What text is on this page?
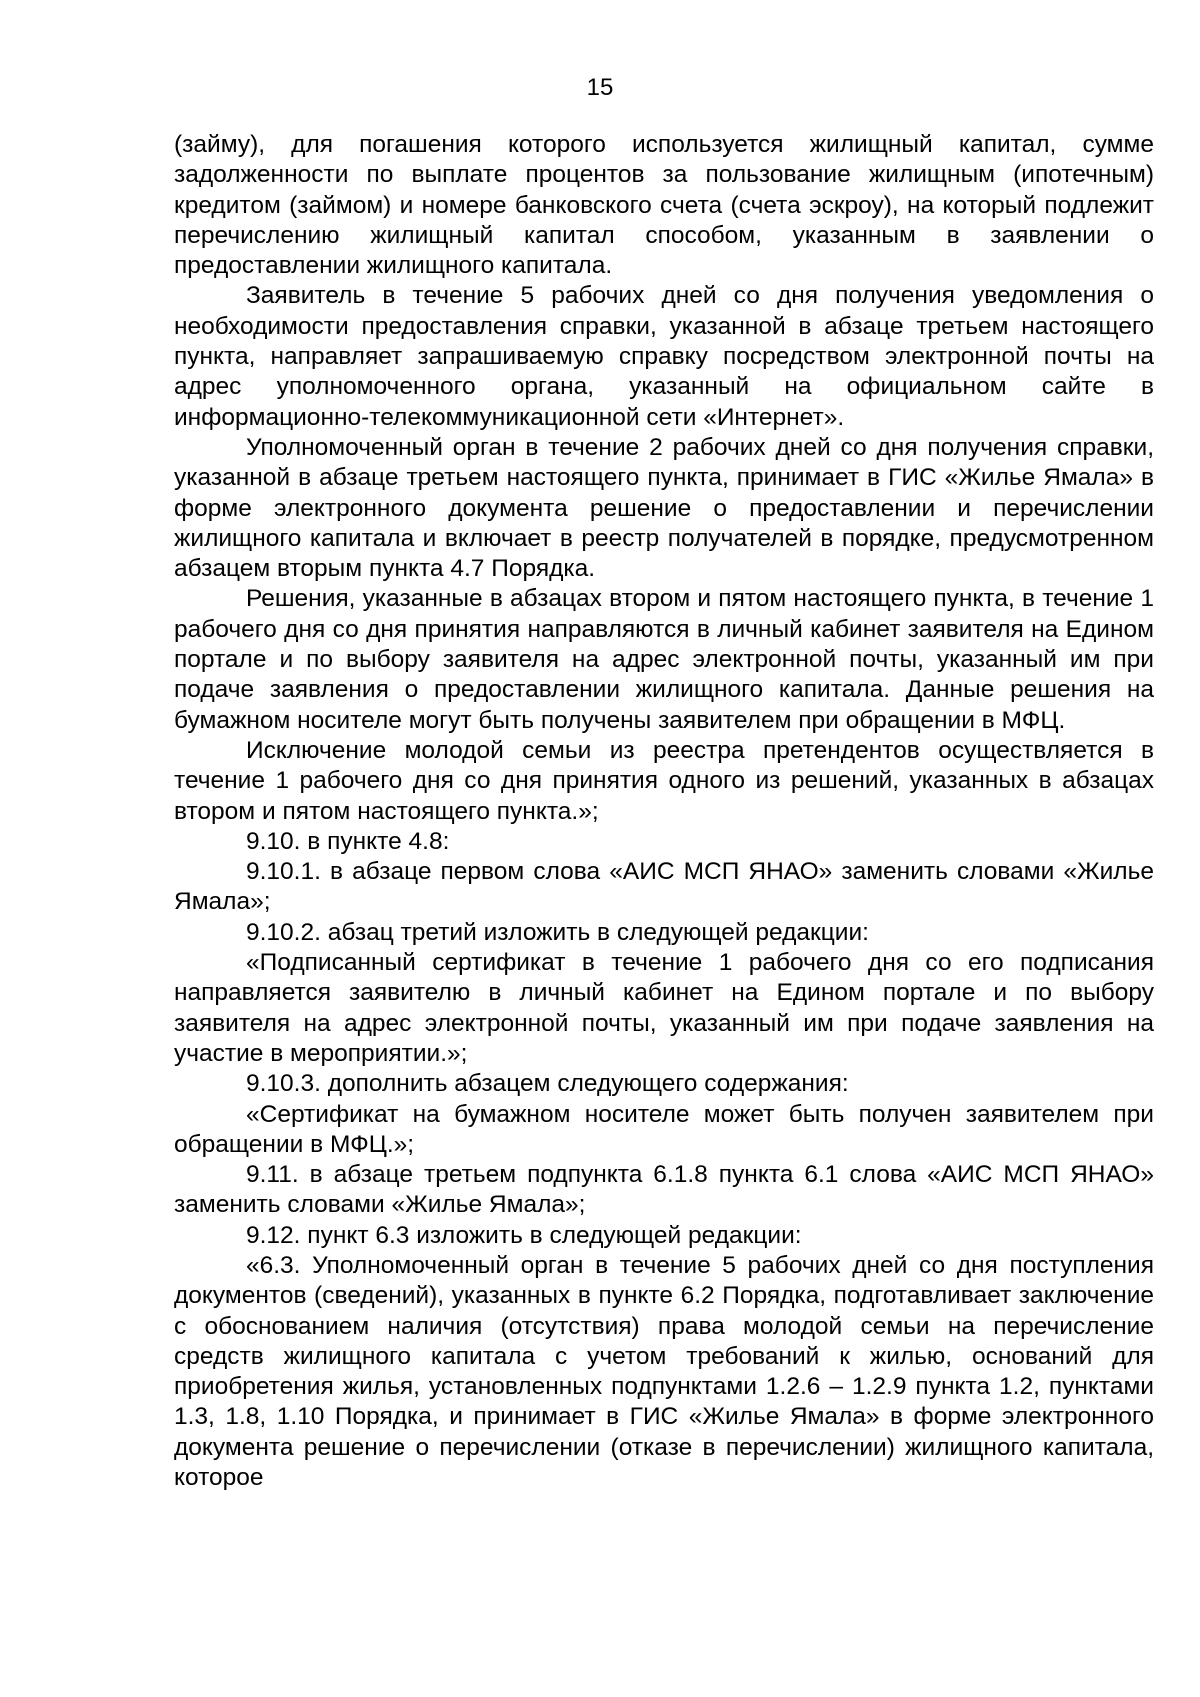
15

(займу), для погашения которого используется жилищный капитал, сумме задолженности по выплате процентов за пользование жилищным (ипотечным) кредитом (займом) и номере банковского счета (счета эскроу), на который подлежит перечислению жилищный капитал способом, указанным в заявлении о предоставлении жилищного капитала.

Заявитель в течение 5 рабочих дней со дня получения уведомления о необходимости предоставления справки, указанной в абзаце третьем настоящего пункта, направляет запрашиваемую справку посредством электронной почты на адрес уполномоченного органа, указанный на официальном сайте в информационно-телекоммуникационной сети «Интернет».

Уполномоченный орган в течение 2 рабочих дней со дня получения справки, указанной в абзаце третьем настоящего пункта, принимает в ГИС «Жилье Ямала» в форме электронного документа решение о предоставлении и перечислении жилищного капитала и включает в реестр получателей в порядке, предусмотренном абзацем вторым пункта 4.7 Порядка.

Решения, указанные в абзацах втором и пятом настоящего пункта, в течение 1 рабочего дня со дня принятия направляются в личный кабинет заявителя на Едином портале и по выбору заявителя на адрес электронной почты, указанный им при подаче заявления о предоставлении жилищного капитала. Данные решения на бумажном носителе могут быть получены заявителем при обращении в МФЦ.

Исключение молодой семьи из реестра претендентов осуществляется в течение 1 рабочего дня со дня принятия одного из решений, указанных в абзацах втором и пятом настоящего пункта.»;

9.10. в пункте 4.8:

9.10.1. в абзаце первом слова «АИС МСП ЯНАО» заменить словами «Жилье Ямала»;

9.10.2. абзац третий изложить в следующей редакции:

«Подписанный сертификат в течение 1 рабочего дня со его подписания направляется заявителю в личный кабинет на Едином портале и по выбору заявителя на адрес электронной почты, указанный им при подаче заявления на участие в мероприятии.»;

9.10.3. дополнить абзацем следующего содержания:

«Сертификат на бумажном носителе может быть получен заявителем при обращении в МФЦ.»;

9.11. в абзаце третьем подпункта 6.1.8 пункта 6.1 слова «АИС МСП ЯНАО» заменить словами «Жилье Ямала»;

9.12. пункт 6.3 изложить в следующей редакции:

«6.3. Уполномоченный орган в течение 5 рабочих дней со дня поступления документов (сведений), указанных в пункте 6.2 Порядка, подготавливает заключение с обоснованием наличия (отсутствия) права молодой семьи на перечисление средств жилищного капитала с учетом требований к жилью, оснований для приобретения жилья, установленных подпунктами 1.2.6 – 1.2.9 пункта 1.2, пунктами 1.3, 1.8, 1.10 Порядка, и принимает в ГИС «Жилье Ямала» в форме электронного документа решение о перечислении (отказе в перечислении) жилищного капитала, которое
